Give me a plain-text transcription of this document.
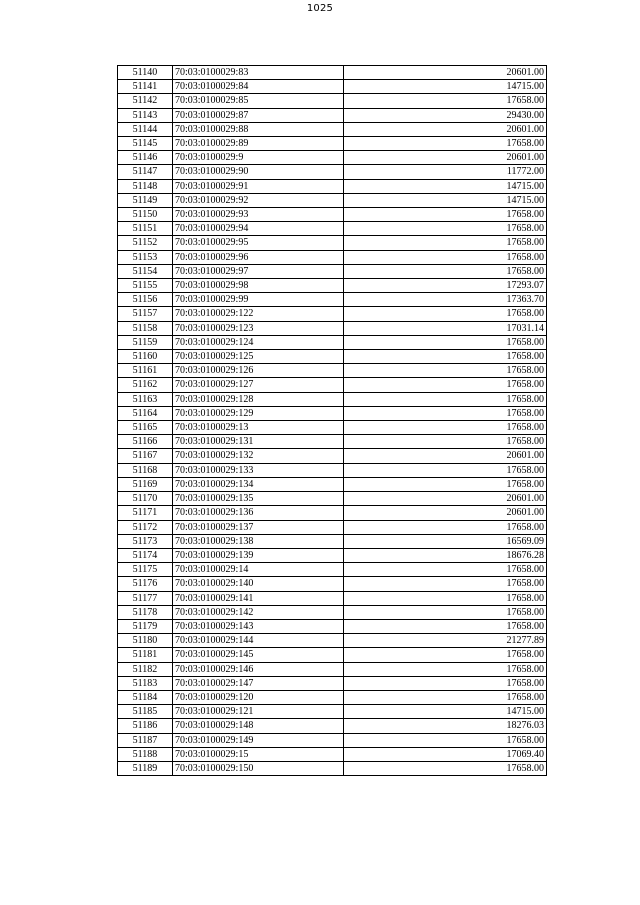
1025
51140	70:03:0100029:83	20601.00
51141	70:03:0100029:84	14715.00
51142	70:03:0100029:85	17658.00
51143	70:03:0100029:87	29430.00
51144	70:03:0100029:88	20601.00
51145	70:03:0100029:89	17658.00
51146	70:03:0100029:9	20601.00
51147	70:03:0100029:90	11772.00
51148	70:03:0100029:91	14715.00
51149	70:03:0100029:92	14715.00
51150	70:03:0100029:93	17658.00
51151	70:03:0100029:94	17658.00
51152	70:03:0100029:95	17658.00
51153	70:03:0100029:96	17658.00
51154	70:03:0100029:97	17658.00
51155	70:03:0100029:98	17293.07
51156	70:03:0100029:99	17363.70
51157	70:03:0100029:122	17658.00
51158	70:03:0100029:123	17031.14
51159	70:03:0100029:124	17658.00
51160	70:03:0100029:125	17658.00
51161	70:03:0100029:126	17658.00
51162	70:03:0100029:127	17658.00
51163	70:03:0100029:128	17658.00
51164	70:03:0100029:129	17658.00
51165	70:03:0100029:13	17658.00
51166	70:03:0100029:131	17658.00
51167	70:03:0100029:132	20601.00
51168	70:03:0100029:133	17658.00
51169	70:03:0100029:134	17658.00
51170	70:03:0100029:135	20601.00
51171	70:03:0100029:136	20601.00
51172	70:03:0100029:137	17658.00
51173	70:03:0100029:138	16569.09
51174	70:03:0100029:139	18676.28
51175	70:03:0100029:14	17658.00
51176	70:03:0100029:140	17658.00
51177	70:03:0100029:141	17658.00
51178	70:03:0100029:142	17658.00
51179	70:03:0100029:143	17658.00
51180	70:03:0100029:144	21277.89
51181	70:03:0100029:145	17658.00
51182	70:03:0100029:146	17658.00
51183	70:03:0100029:147	17658.00
51184	70:03:0100029:120	17658.00
51185	70:03:0100029:121	14715.00
51186	70:03:0100029:148	18276.03
51187	70:03:0100029:149	17658.00
51188	70:03:0100029:15	17069.40
51189	70:03:0100029:150	17658.00
